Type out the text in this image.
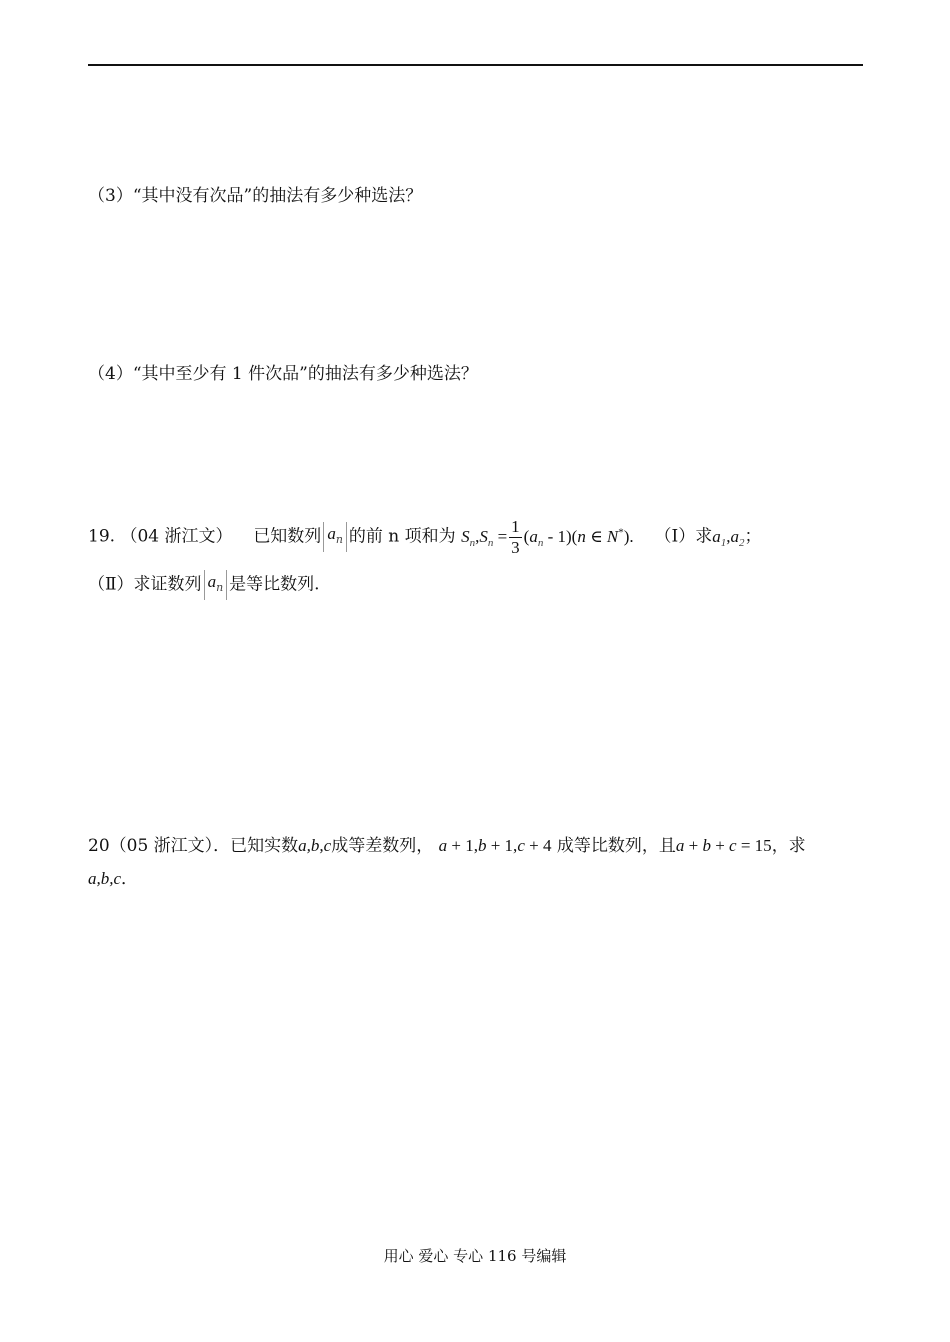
（3）“其中没有次品”的抽法有多少种选法？
（4）“其中至少有 1 件次品”的抽法有多少种选法？
19. （04 浙江文） 已知数列 $a_n$ 的前 n 项和为 $S_n,S_n = \frac{1}{3} (a_n - 1)(n$ ∈ N*). （Ⅰ）求$a_1,a_2$；
（Ⅱ）求证数列 $a_n$ 是等比数列.
20（05 浙江文）．已知实数a,b,c成等差数列， a + 1,b + 1,c + 4 成等比数列，且a + b + c = 15，求
a,b,c．
用心 爱心 专心 116 号编辑
